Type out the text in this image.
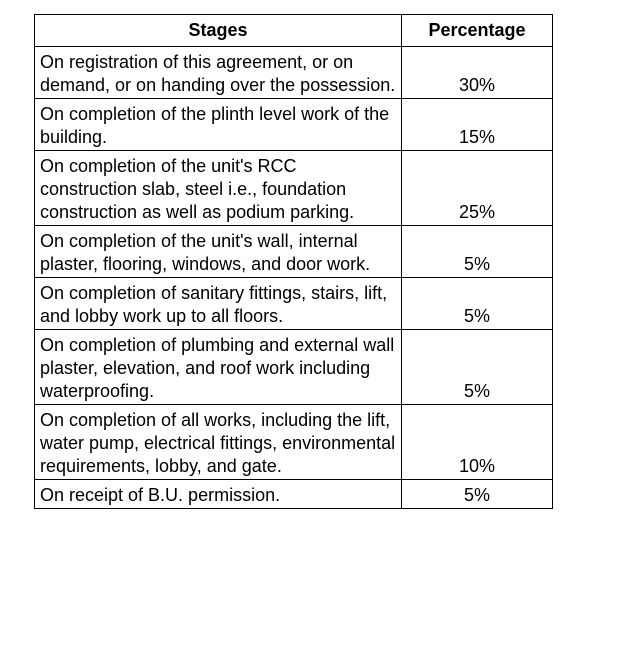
Stages	Percentage
On registration of this agreement, or on demand, or on handing over the possession.	30%
On completion of the plinth level work of the building.	15%
On completion of the unit's RCC construction slab, steel i.e., foundation construction as well as podium parking.	25%
On completion of the unit's wall, internal plaster, flooring, windows, and door work.	5%
On completion of sanitary fittings, stairs, lift, and lobby work up to all floors.	5%
On completion of plumbing and external wall plaster, elevation, and roof work including waterproofing.	5%
On completion of all works, including the lift, water pump, electrical fittings, environmental requirements, lobby, and gate.	10%
On receipt of B.U. permission.	5%
